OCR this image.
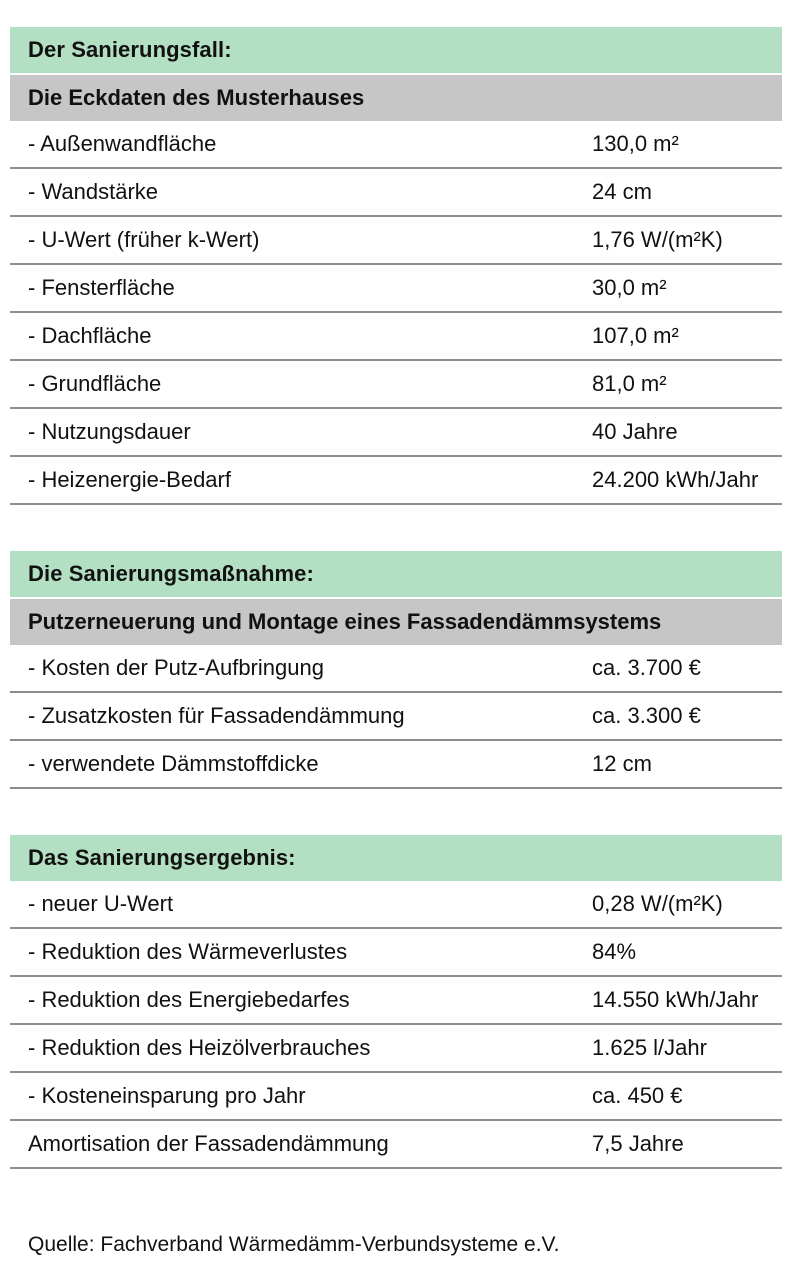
Der Sanierungsfall:
Die Eckdaten des Musterhauses
- Außenwandfläche	130,0 m²
- Wandstärke	24 cm
- U-Wert (früher k-Wert)	1,76 W/(m²K)
- Fensterfläche	30,0 m²
- Dachfläche	107,0 m²
- Grundfläche	81,0 m²
- Nutzungsdauer	40 Jahre
- Heizenergie-Bedarf	24.200 kWh/Jahr
Die Sanierungsmaßnahme:
Putzerneuerung und Montage eines Fassadendämmsystems
- Kosten der Putz-Aufbringung	ca. 3.700 €
- Zusatzkosten für Fassadendämmung	ca. 3.300 €
- verwendete Dämmstoffdicke	12 cm
Das Sanierungsergebnis:
- neuer U-Wert	0,28 W/(m²K)
- Reduktion des Wärmeverlustes	84%
- Reduktion des Energiebedarfes	14.550 kWh/Jahr
- Reduktion des Heizölverbrauches	1.625 l/Jahr
- Kosteneinsparung pro Jahr	ca. 450 €
Amortisation der Fassadendämmung	7,5 Jahre
Quelle: Fachverband Wärmedämm-Verbundsysteme e.V.
